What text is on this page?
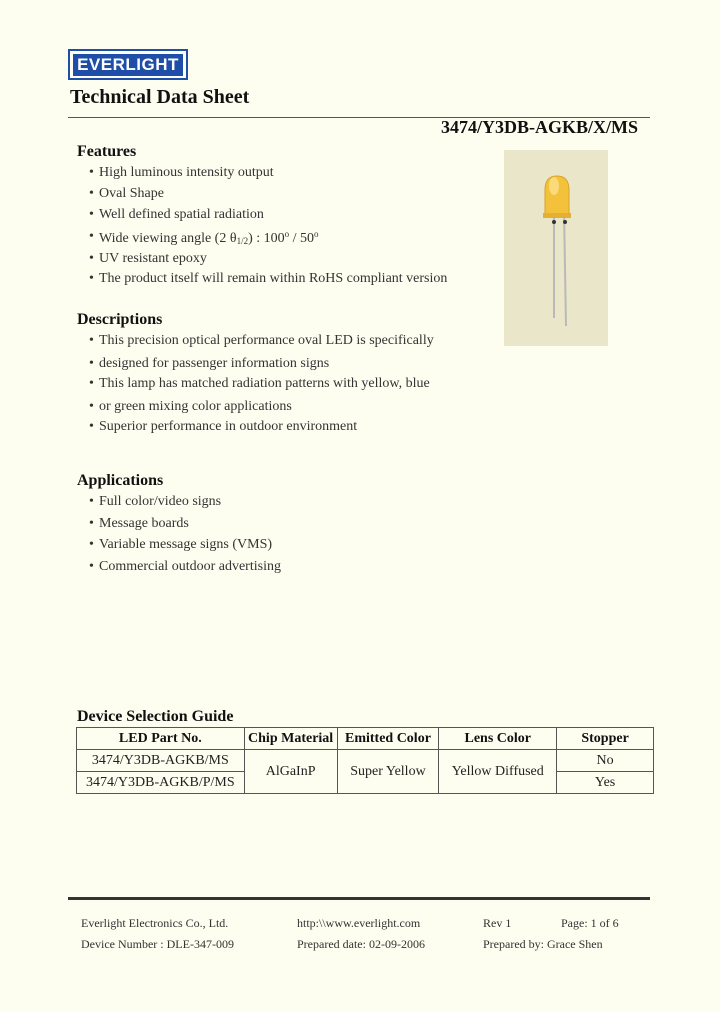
EVERLIGHT
Technical Data Sheet
3474/Y3DB-AGKB/X/MS
Features
• High luminous intensity output
• Oval Shape
• Well defined spatial radiation
• Wide viewing angle (2 $\theta_{1/2}$) : 100$^o$ / 50$^o$
• UV resistant epoxy
• The product itself will remain within RoHS compliant version
Descriptions
• This precision optical performance oval LED is specifically
• designed for passenger information signs
• This lamp has matched radiation patterns with yellow, blue
• or green mixing color applications
• Superior performance in outdoor environment
Applications
• Full color/video signs
• Message boards
• Variable message signs (VMS)
• Commercial outdoor advertising
Device Selection Guide
LED Part No.	Chip Material	Emitted Color	Lens Color	Stopper
3474/Y3DB-AGKB/MS	AlGaInP	Super Yellow	Yellow Diffused	No
3474/Y3DB-AGKB/P/MS				Yes
Everlight Electronics Co., Ltd.	http:\\www.everlight.com	Rev 1	Page: 1 of 6
Device Number : DLE-347-009	Prepared date: 02-09-2006	Prepared by: Grace Shen
